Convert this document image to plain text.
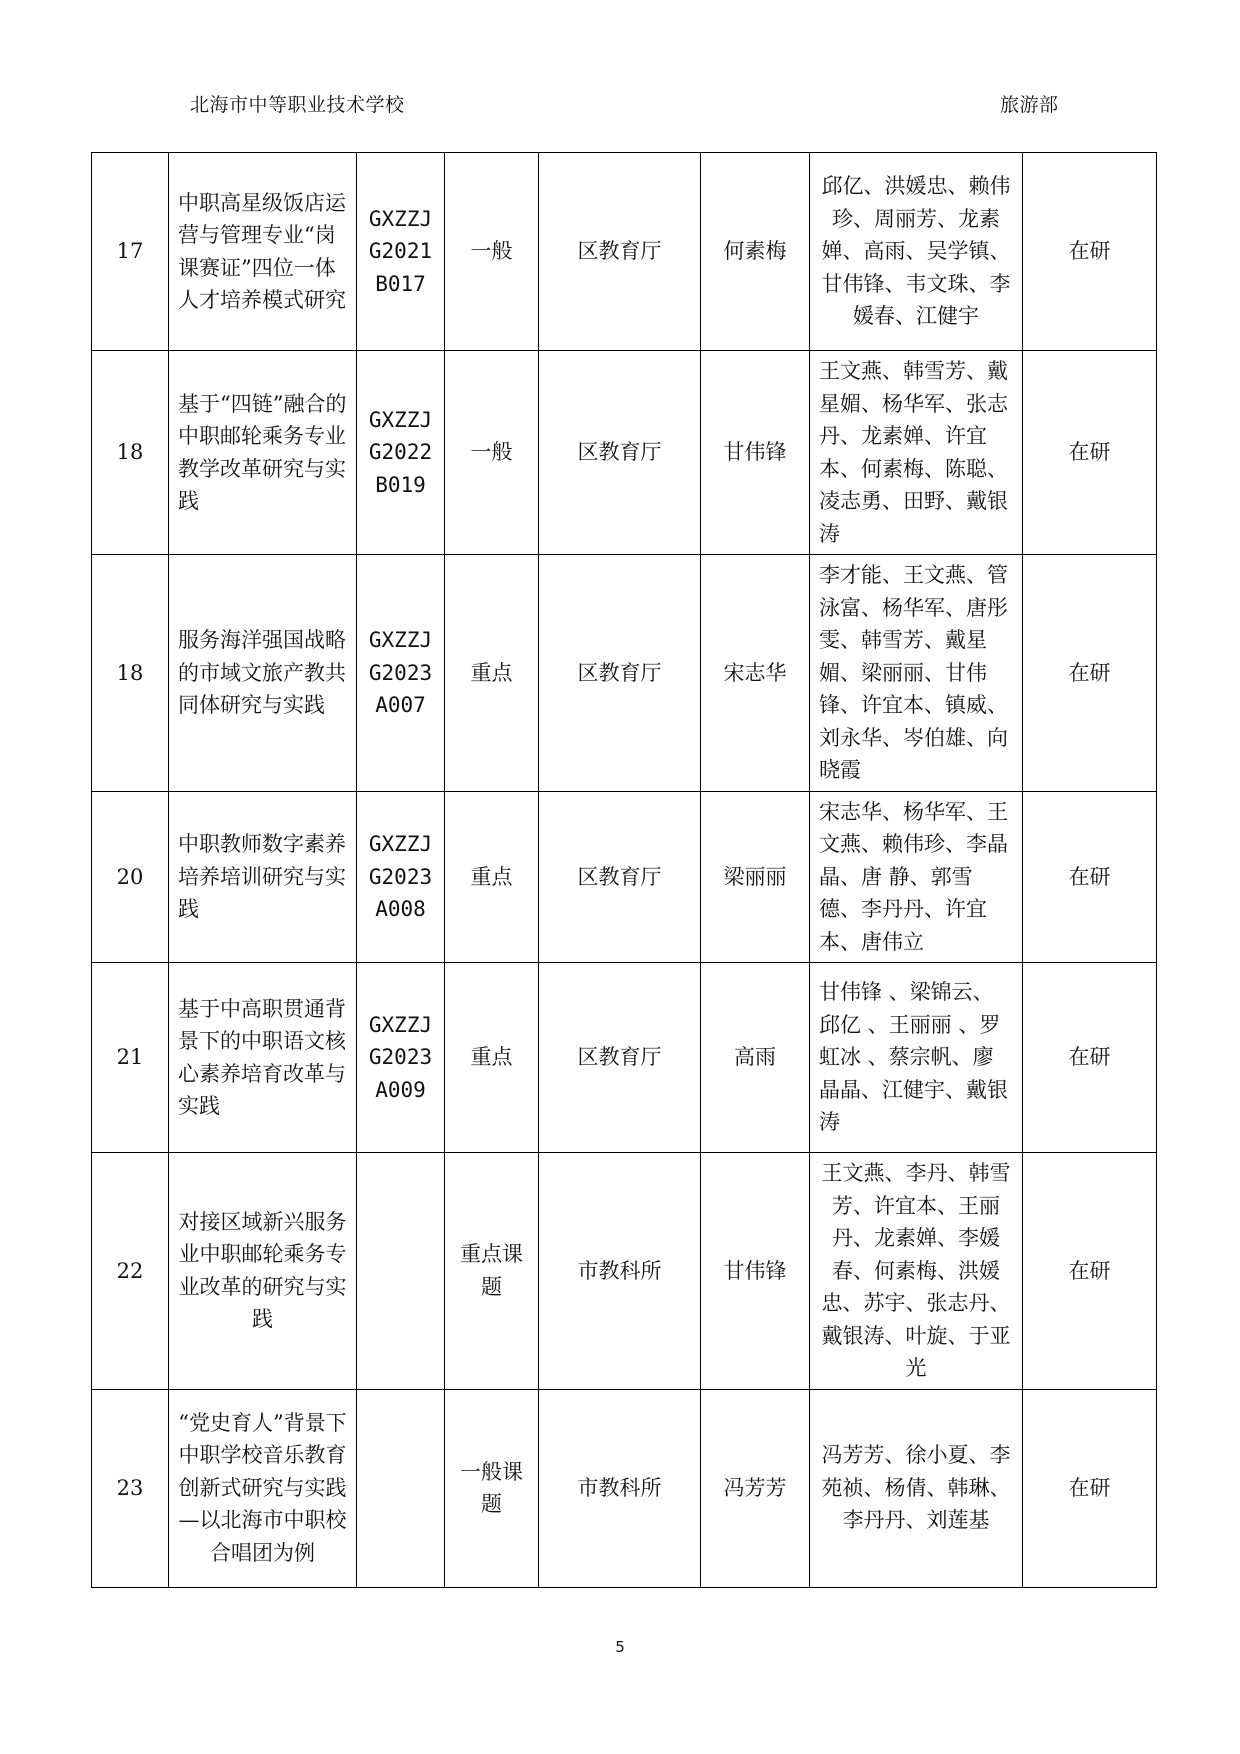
北海市中等职业技术学校	旅游部
17	中职高星级饭店运营与管理专业“岗课赛证”四位一体人才培养模式研究	GXZZJG2021B017	一般	区教育厅	何素梅	邱亿、洪媛忠、赖伟珍、周丽芳、龙素婵、高雨、吴学镇、甘伟锋、韦文珠、李媛春、江健宇	在研
18	基于“四链”融合的中职邮轮乘务专业教学改革研究与实践	GXZZJG2022B019	一般	区教育厅	甘伟锋	王文燕、韩雪芳、戴星媚、杨华军、张志丹、龙素婵、许宜本、何素梅、陈聪、凌志勇、田野、戴银涛	在研
18	服务海洋强国战略的市域文旅产教共同体研究与实践	GXZZJG2023A007	重点	区教育厅	宋志华	李才能、王文燕、管泳富、杨华军、唐彤雯、韩雪芳、戴星媚、梁丽丽、甘伟锋、许宜本、镇威、刘永华、岑伯雄、向晓霞	在研
20	中职教师数字素养培养培训研究与实践	GXZZJG2023A008	重点	区教育厅	梁丽丽	宋志华、杨华军、王文燕、赖伟珍、李晶晶、唐 静、郭雪德、李丹丹、许宜本、唐伟立	在研
21	基于中高职贯通背景下的中职语文核心素养培育改革与实践	GXZZJG2023A009	重点	区教育厅	高雨	甘伟锋 、梁锦云、邱亿 、王丽丽 、罗虹冰 、蔡宗帆、廖晶晶、江健宇、戴银涛	在研
22	对接区域新兴服务业中职邮轮乘务专业改革的研究与实践		重点课题	市教科所	甘伟锋	王文燕、李丹、韩雪芳、许宜本、王丽丹、龙素婵、李媛春、何素梅、洪媛忠、苏宇、张志丹、戴银涛、叶旋、于亚光	在研
23	“党史育人”背景下中职学校音乐教育创新式研究与实践—以北海市中职校合唱团为例		一般课题	市教科所	冯芳芳	冯芳芳、徐小夏、李苑祯、杨倩、韩琳、李丹丹、刘莲基	在研
5
